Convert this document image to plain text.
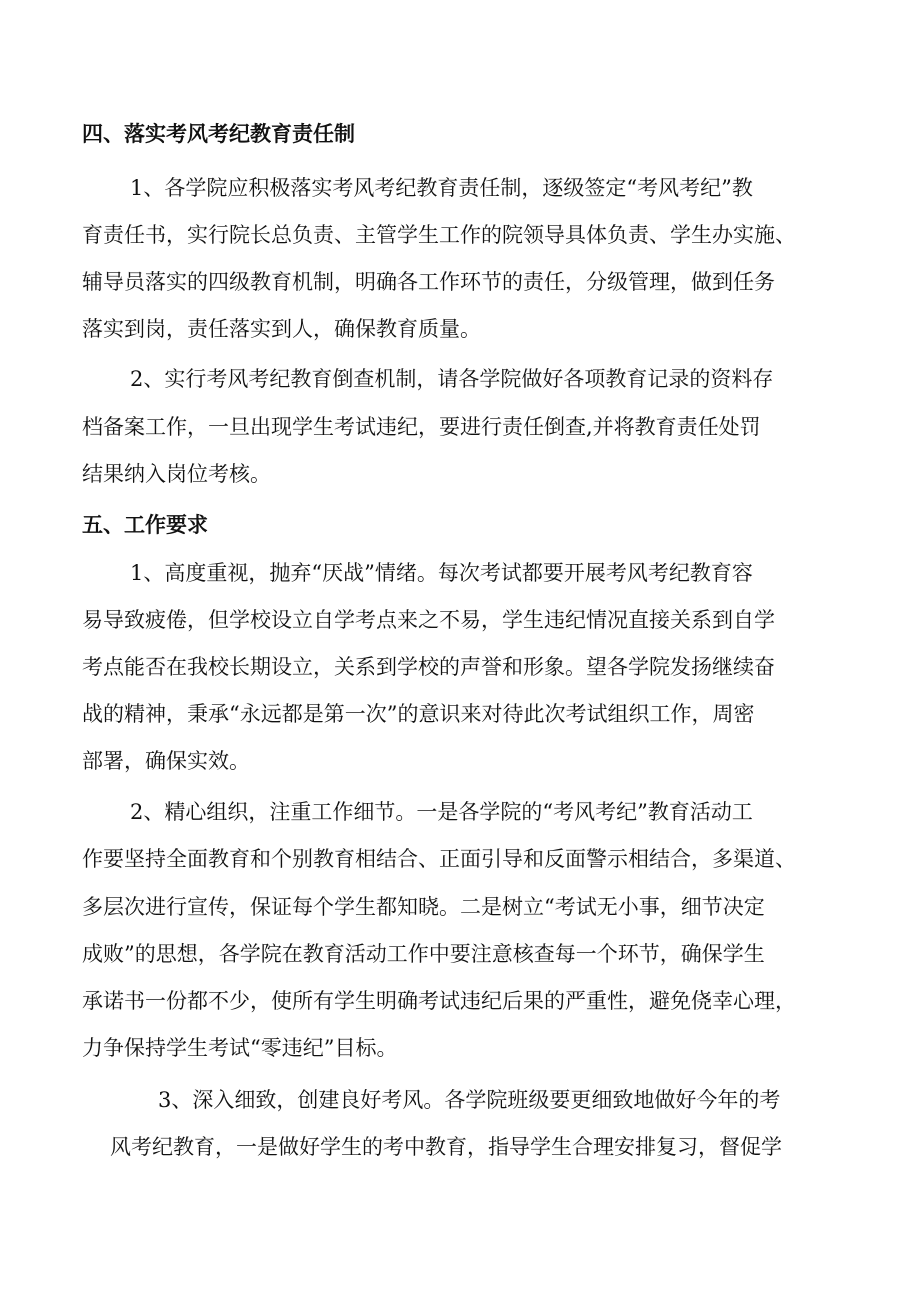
四、落实考风考纪教育责任制

1、各学院应积极落实考风考纪教育责任制，逐级签定“考风考纪”教

育责任书，实行院长总负责、主管学生工作的院领导具体负责、学生办实施、

辅导员落实的四级教育机制，明确各工作环节的责任，分级管理，做到任务

落实到岗，责任落实到人，确保教育质量。

2、实行考风考纪教育倒查机制，请各学院做好各项教育记录的资料存

档备案工作，一旦出现学生考试违纪，要进行责任倒查,并将教育责任处罚

结果纳入岗位考核。

五、工作要求

1、高度重视，抛弃“厌战”情绪。每次考试都要开展考风考纪教育容

易导致疲倦，但学校设立自学考点来之不易，学生违纪情况直接关系到自学

考点能否在我校长期设立，关系到学校的声誉和形象。望各学院发扬继续奋

战的精神，秉承“永远都是第一次”的意识来对待此次考试组织工作，周密

部署，确保实效。

2、精心组织，注重工作细节。一是各学院的“考风考纪”教育活动工

作要坚持全面教育和个别教育相结合、正面引导和反面警示相结合，多渠道、

多层次进行宣传，保证每个学生都知晓。二是树立“考试无小事，细节决定

成败”的思想，各学院在教育活动工作中要注意核查每一个环节，确保学生

承诺书一份都不少，使所有学生明确考试违纪后果的严重性，避免侥幸心理，

力争保持学生考试“零违纪”目标。

3、深入细致，创建良好考风。各学院班级要更细致地做好今年的考

风考纪教育，一是做好学生的考中教育，指导学生合理安排复习，督促学
